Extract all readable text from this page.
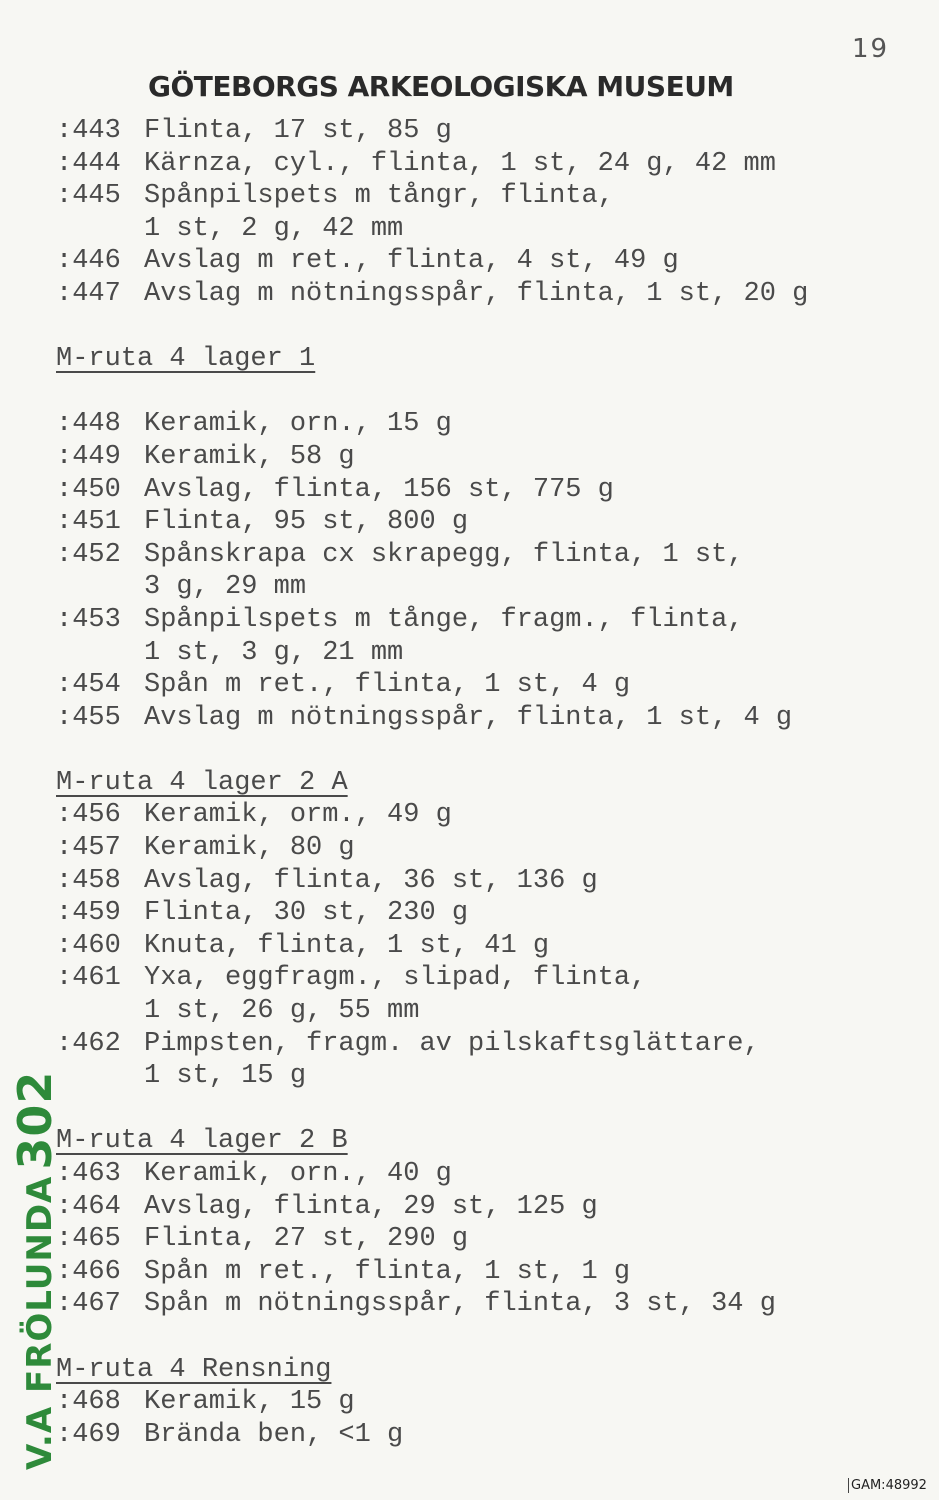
19
GÖTEBORGS ARKEOLOGISKA MUSEUM
:443 Flinta, 17 st, 85 g
:444 Kärnza, cyl., flinta, 1 st, 24 g, 42 mm
:445 Spånpilspets m tångr, flinta,
1 st, 2 g, 42 mm
:446 Avslag m ret., flinta, 4 st, 49 g
:447 Avslag m nötningsspår, flinta, 1 st, 20 g
M-ruta 4 lager 1
:448 Keramik, orn., 15 g
:449 Keramik, 58 g
:450 Avslag, flinta, 156 st, 775 g
:451 Flinta, 95 st, 800 g
:452 Spånskrapa cx skrapegg, flinta, 1 st,
3 g, 29 mm
:453 Spånpilspets m tånge, fragm., flinta,
1 st, 3 g, 21 mm
:454 Spån m ret., flinta, 1 st, 4 g
:455 Avslag m nötningsspår, flinta, 1 st, 4 g
M-ruta 4 lager 2 A
:456 Keramik, orm., 49 g
:457 Keramik, 80 g
:458 Avslag, flinta, 36 st, 136 g
:459 Flinta, 30 st, 230 g
:460 Knuta, flinta, 1 st, 41 g
:461 Yxa, eggfragm., slipad, flinta,
1 st, 26 g, 55 mm
:462 Pimpsten, fragm. av pilskaftsglättare,
1 st, 15 g
M-ruta 4 lager 2 B
:463 Keramik, orn., 40 g
:464 Avslag, flinta, 29 st, 125 g
:465 Flinta, 27 st, 290 g
:466 Spån m ret., flinta, 1 st, 1 g
:467 Spån m nötningsspår, flinta, 3 st, 34 g
M-ruta 4 Rensning
:468 Keramik, 15 g
:469 Brända ben, <1 g
V.A FRÖLUNDA302
GAM:48992
